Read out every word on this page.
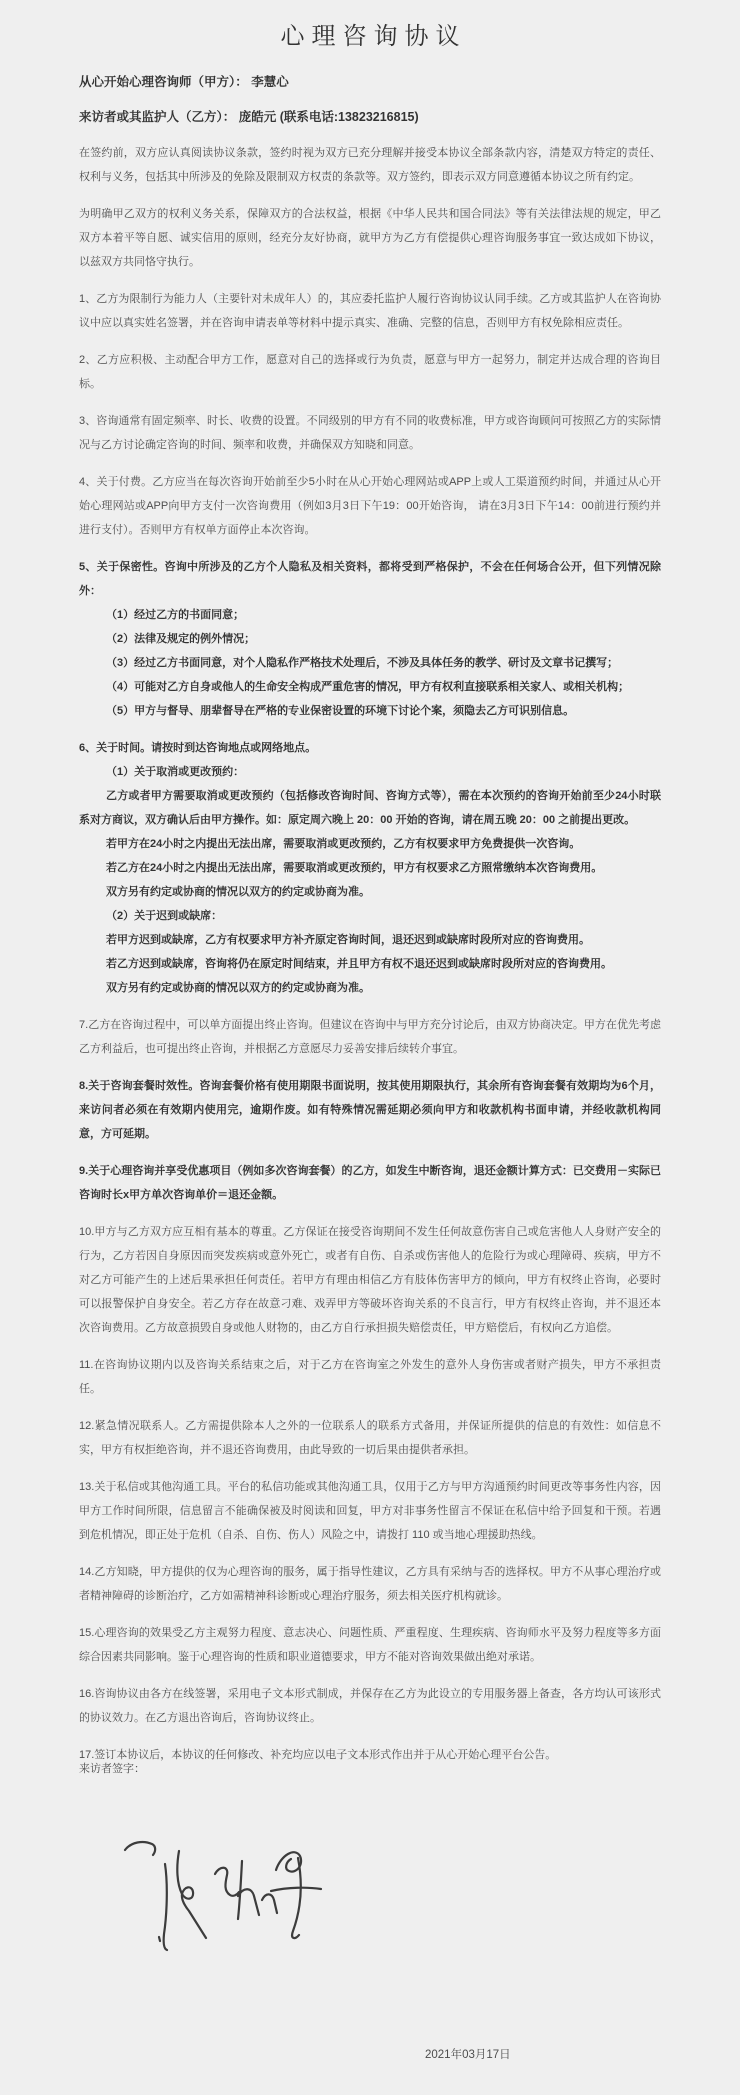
心理咨询协议

从心开始心理咨询师（甲方）： 李慧心

来访者或其监护人（乙方）： 庞皓元 (联系电话:13823216815)

在签约前，双方应认真阅读协议条款，签约时视为双方已充分理解并接受本协议全部条款内容，清楚双方特定的责任、权利与义务，包括其中所涉及的免除及限制双方权责的条款等。双方签约，即表示双方同意遵循本协议之所有约定。

为明确甲乙双方的权利义务关系，保障双方的合法权益，根据《中华人民共和国合同法》等有关法律法规的规定，甲乙双方本着平等自愿、诚实信用的原则，经充分友好协商，就甲方为乙方有偿提供心理咨询服务事宜一致达成如下协议，以兹双方共同恪守执行。

1、乙方为限制行为能力人（主要针对未成年人）的，其应委托监护人履行咨询协议认同手续。乙方或其监护人在咨询协议中应以真实姓名签署，并在咨询申请表单等材料中提示真实、准确、完整的信息，否则甲方有权免除相应责任。

2、乙方应积极、主动配合甲方工作，愿意对自己的选择或行为负责，愿意与甲方一起努力，制定并达成合理的咨询目标。

3、咨询通常有固定频率、时长、收费的设置。不同级别的甲方有不同的收费标准，甲方或咨询顾问可按照乙方的实际情况与乙方讨论确定咨询的时间、频率和收费，并确保双方知晓和同意。

4、关于付费。乙方应当在每次咨询开始前至少5小时在从心开始心理网站或APP上或人工渠道预约时间，并通过从心开始心理网站或APP向甲方支付一次咨询费用（例如3月3日下午19：00开始咨询， 请在3月3日下午14：00前进行预约并进行支付）。否则甲方有权单方面停止本次咨询。

5、关于保密性。咨询中所涉及的乙方个人隐私及相关资料，都将受到严格保护，不会在任何场合公开，但下列情况除外：

（1）经过乙方的书面同意；

（2）法律及规定的例外情况；

（3）经过乙方书面同意，对个人隐私作严格技术处理后，不涉及具体任务的教学、研讨及文章书记撰写；

（4）可能对乙方自身或他人的生命安全构成严重危害的情况，甲方有权利直接联系相关家人、或相关机构；

（5）甲方与督导、朋辈督导在严格的专业保密设置的环境下讨论个案，须隐去乙方可识别信息。

6、关于时间。请按时到达咨询地点或网络地点。

（1）关于取消或更改预约：

乙方或者甲方需要取消或更改预约（包括修改咨询时间、咨询方式等），需在本次预约的咨询开始前至少24小时联系对方商议，双方确认后由甲方操作。如：原定周六晚上 20：00 开始的咨询，请在周五晚 20：00 之前提出更改。

若甲方在24小时之内提出无法出席，需要取消或更改预约，乙方有权要求甲方免费提供一次咨询。

若乙方在24小时之内提出无法出席，需要取消或更改预约，甲方有权要求乙方照常缴纳本次咨询费用。

双方另有约定或协商的情况以双方的约定或协商为准。

（2）关于迟到或缺席：

若甲方迟到或缺席，乙方有权要求甲方补齐原定咨询时间，退还迟到或缺席时段所对应的咨询费用。

若乙方迟到或缺席，咨询将仍在原定时间结束，并且甲方有权不退还迟到或缺席时段所对应的咨询费用。

双方另有约定或协商的情况以双方的约定或协商为准。

7.乙方在咨询过程中，可以单方面提出终止咨询。但建议在咨询中与甲方充分讨论后，由双方协商决定。甲方在优先考虑乙方利益后，也可提出终止咨询，并根据乙方意愿尽力妥善安排后续转介事宜。

8.关于咨询套餐时效性。咨询套餐价格有使用期限书面说明，按其使用期限执行，其余所有咨询套餐有效期均为6个月，来访问者必须在有效期内使用完，逾期作废。如有特殊情况需延期必须向甲方和收款机构书面申请，并经收款机构同意，方可延期。

9.关于心理咨询并享受优惠项目（例如多次咨询套餐）的乙方，如发生中断咨询，退还金额计算方式：已交费用－实际已咨询时长x甲方单次咨询单价＝退还金额。

10.甲方与乙方双方应互相有基本的尊重。乙方保证在接受咨询期间不发生任何故意伤害自己或危害他人人身财产安全的行为，乙方若因自身原因而突发疾病或意外死亡，或者有自伤、自杀或伤害他人的危险行为或心理障碍、疾病，甲方不对乙方可能产生的上述后果承担任何责任。若甲方有理由相信乙方有肢体伤害甲方的倾向，甲方有权终止咨询，必要时可以报警保护自身安全。若乙方存在故意刁难、戏弄甲方等破坏咨询关系的不良言行，甲方有权终止咨询，并不退还本次咨询费用。乙方故意损毁自身或他人财物的，由乙方自行承担损失赔偿责任，甲方赔偿后，有权向乙方追偿。

11.在咨询协议期内以及咨询关系结束之后，对于乙方在咨询室之外发生的意外人身伤害或者财产损失，甲方不承担责任。

12.紧急情况联系人。乙方需提供除本人之外的一位联系人的联系方式备用，并保证所提供的信息的有效性：如信息不实，甲方有权拒绝咨询，并不退还咨询费用，由此导致的一切后果由提供者承担。

13.关于私信或其他沟通工具。平台的私信功能或其他沟通工具，仅用于乙方与甲方沟通预约时间更改等事务性内容，因甲方工作时间所限，信息留言不能确保被及时阅读和回复，甲方对非事务性留言不保证在私信中给予回复和干预。若遇到危机情况，即正处于危机（自杀、自伤、伤人）风险之中，请拨打 110 或当地心理援助热线。

14.乙方知晓，甲方提供的仅为心理咨询的服务，属于指导性建议，乙方具有采纳与否的选择权。甲方不从事心理治疗或者精神障碍的诊断治疗，乙方如需精神科诊断或心理治疗服务，须去相关医疗机构就诊。

15.心理咨询的效果受乙方主观努力程度、意志决心、问题性质、严重程度、生理疾病、咨询师水平及努力程度等多方面综合因素共同影响。鉴于心理咨询的性质和职业道德要求，甲方不能对咨询效果做出绝对承诺。

16.咨询协议由各方在线签署，采用电子文本形式制成，并保存在乙方为此设立的专用服务器上备查，各方均认可该形式的协议效力。在乙方退出咨询后，咨询协议终止。

17.签订本协议后，本协议的任何修改、补充均应以电子文本形式作出并于从心开始心理平台公告。

来访者签字：

2021年03月17日
